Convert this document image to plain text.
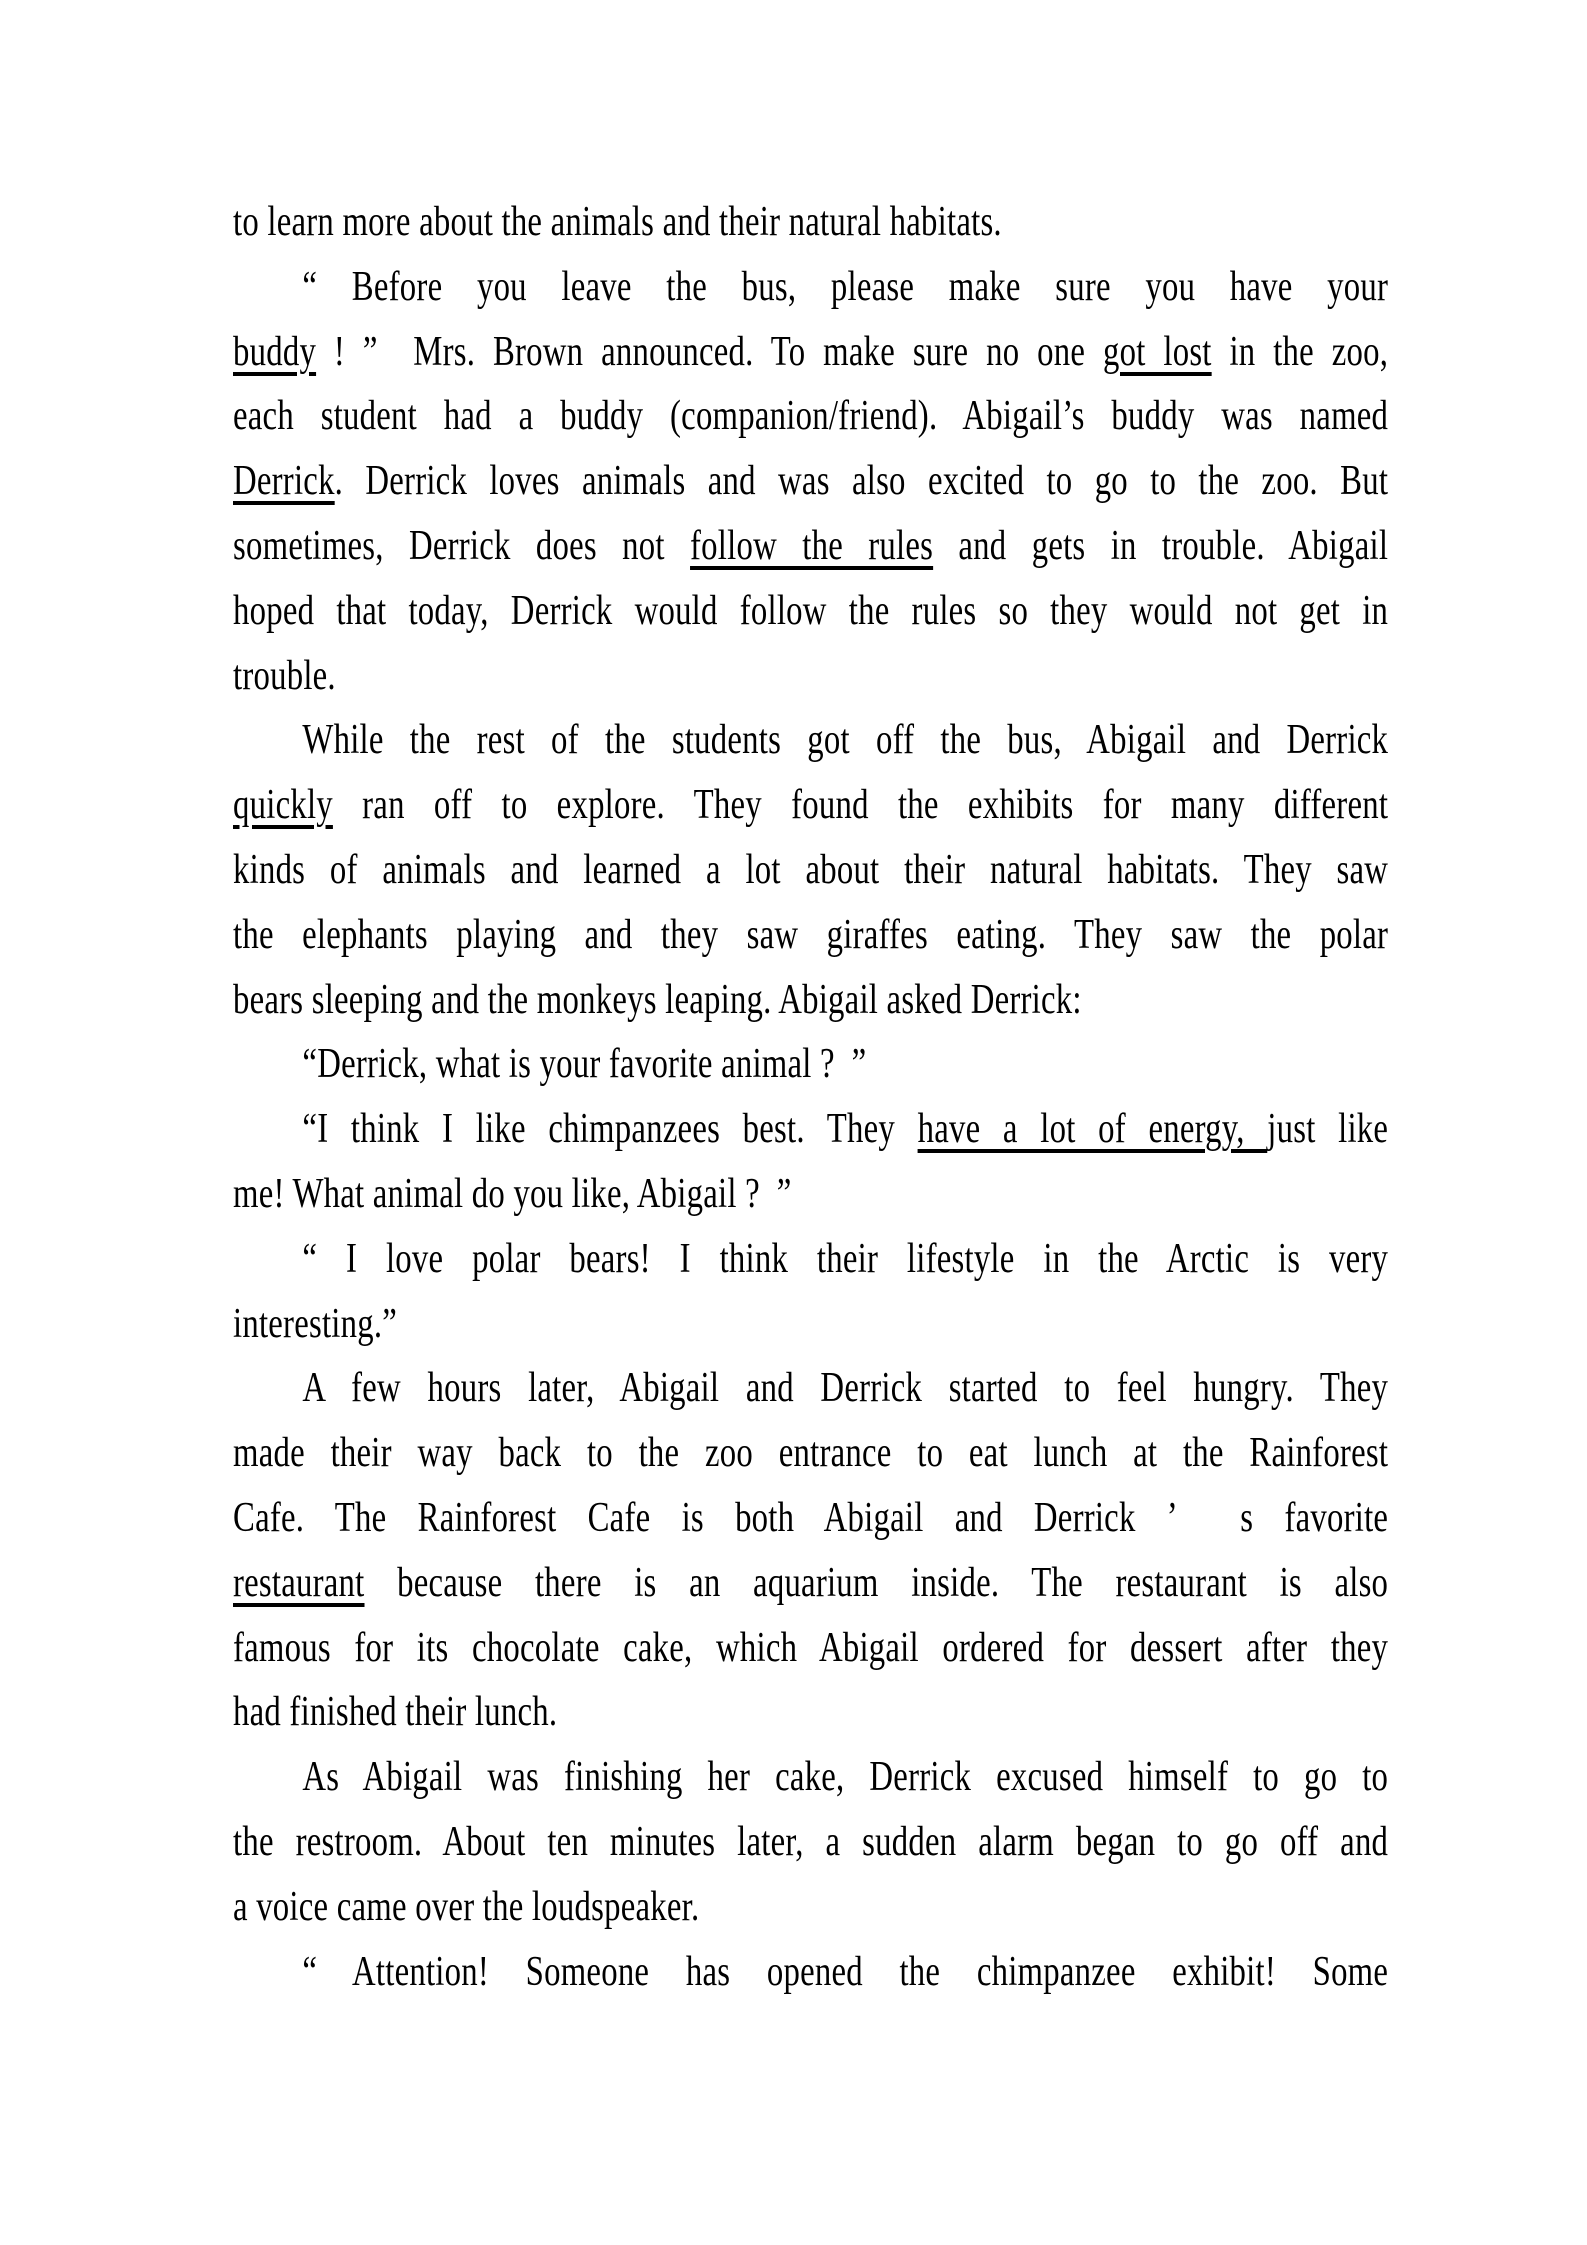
to learn more about the animals and their natural habitats.
“ Before you leave the bus, please make sure you have your
buddy ! ”  Mrs. Brown announced. To make sure no one got lost in the zoo,
each student had a buddy (companion/friend). Abigail’s buddy was named
Derrick. Derrick loves animals and was also excited to go to the zoo. But
sometimes, Derrick does not follow the rules and gets in trouble. Abigail
hoped that today, Derrick would follow the rules so they would not get in
trouble.
While the rest of the students got off the bus, Abigail and Derrick
quickly ran off to explore. They found the exhibits for many different
kinds of animals and learned a lot about their natural habitats. They saw
the elephants playing and they saw giraffes eating. They saw the polar
bears sleeping and the monkeys leaping. Abigail asked Derrick:
“Derrick, what is your favorite animal ?  ”
“I think I like chimpanzees best. They have a lot of energy, just like
me! What animal do you like, Abigail ?  ”
“ I love polar bears! I think their lifestyle in the Arctic is very
interesting.”
A few hours later, Abigail and Derrick started to feel hungry. They
made their way back to the zoo entrance to eat lunch at the Rainforest
Cafe. The Rainforest Cafe is both Abigail and Derrick ’  s favorite
restaurant because there is an aquarium inside. The restaurant is also
famous for its chocolate cake, which Abigail ordered for dessert after they
had finished their lunch.
As Abigail was finishing her cake, Derrick excused himself to go to
the restroom. About ten minutes later, a sudden alarm began to go off and
a voice came over the loudspeaker.
“ Attention! Someone has opened the chimpanzee exhibit! Some
